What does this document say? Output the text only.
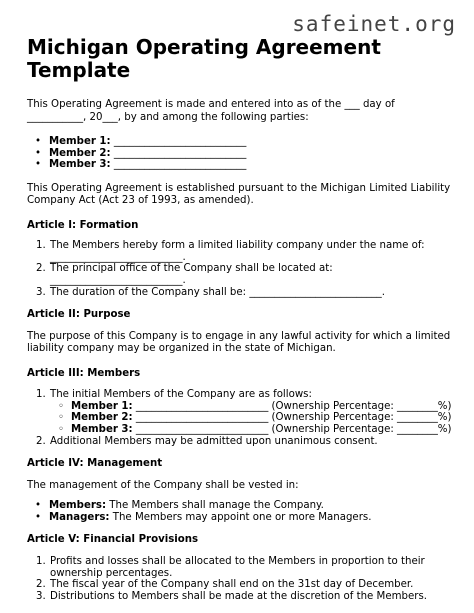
safeinet.org
Michigan Operating Agreement Template

This Operating Agreement is made and entered into as of the ___ day of ___________, 20___, by and among the following parties:

• Member 1: __________________________
• Member 2: __________________________
• Member 3: __________________________

This Operating Agreement is established pursuant to the Michigan Limited Liability Company Act (Act 23 of 1993, as amended).

Article I: Formation
1. The Members hereby form a limited liability company under the name of: __________________________.
2. The principal office of the Company shall be located at: __________________________.
3. The duration of the Company shall be: __________________________.
Article II: Purpose

The purpose of this Company is to engage in any lawful activity for which a limited liability company may be organized in the state of Michigan.

Article III: Members
1. The initial Members of the Company are as follows:
◦ Member 1: __________________________ (Ownership Percentage: ________%)
◦ Member 2: __________________________ (Ownership Percentage: ________%)
◦ Member 3: __________________________ (Ownership Percentage: ________%)
2. Additional Members may be admitted upon unanimous consent.
Article IV: Management

The management of the Company shall be vested in:

• Members: The Members shall manage the Company.
• Managers: The Members may appoint one or more Managers.
Article V: Financial Provisions
1. Profits and losses shall be allocated to the Members in proportion to their ownership percentages.
2. The fiscal year of the Company shall end on the 31st day of December.
3. Distributions to Members shall be made at the discretion of the Members.
